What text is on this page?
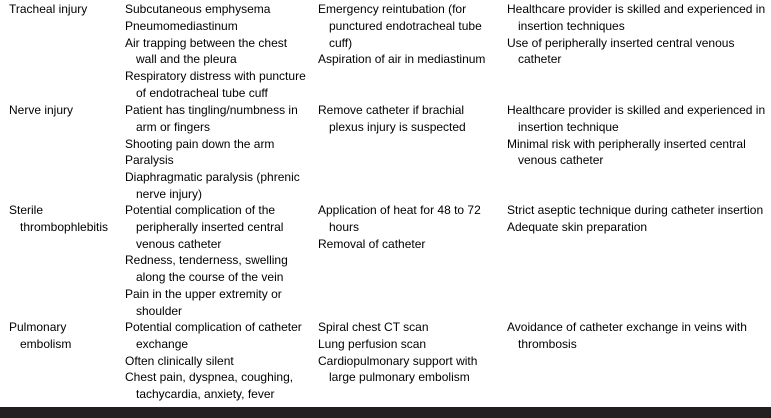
Tracheal injury	Subcutaneous emphysema

Pneumomediastinum

Air trapping between the chest wall and the pleura

Respiratory distress with puncture of endotracheal tube cuff

Emergency reintubation (for punctured endotracheal tube cuff)

Aspiration of air in mediastinum

Healthcare provider is skilled and experienced in insertion techniques

Use of peripherally inserted central venous catheter

Nerve injury	Patient has tingling/numbness in arm or fingers

Shooting pain down the arm

Paralysis

Diaphragmatic paralysis (phrenic nerve injury)

Remove catheter if brachial plexus injury is suspected

Healthcare provider is skilled and experienced in insertion technique

Minimal risk with peripherally inserted central venous catheter

Sterile thrombophlebitis

Potential complication of the peripherally inserted central venous catheter

Redness, tenderness, swelling along the course of the vein

Pain in the upper extremity or shoulder

Application of heat for 48 to 72 hours

Removal of catheter

Strict aseptic technique during catheter insertion

Adequate skin preparation

Pulmonary embolism

Potential complication of catheter exchange

Often clinically silent

Chest pain, dyspnea, coughing, tachycardia, anxiety, fever

Spiral chest CT scan

Lung perfusion scan

Cardiopulmonary support with large pulmonary embolism

Avoidance of catheter exchange in veins with thrombosis
